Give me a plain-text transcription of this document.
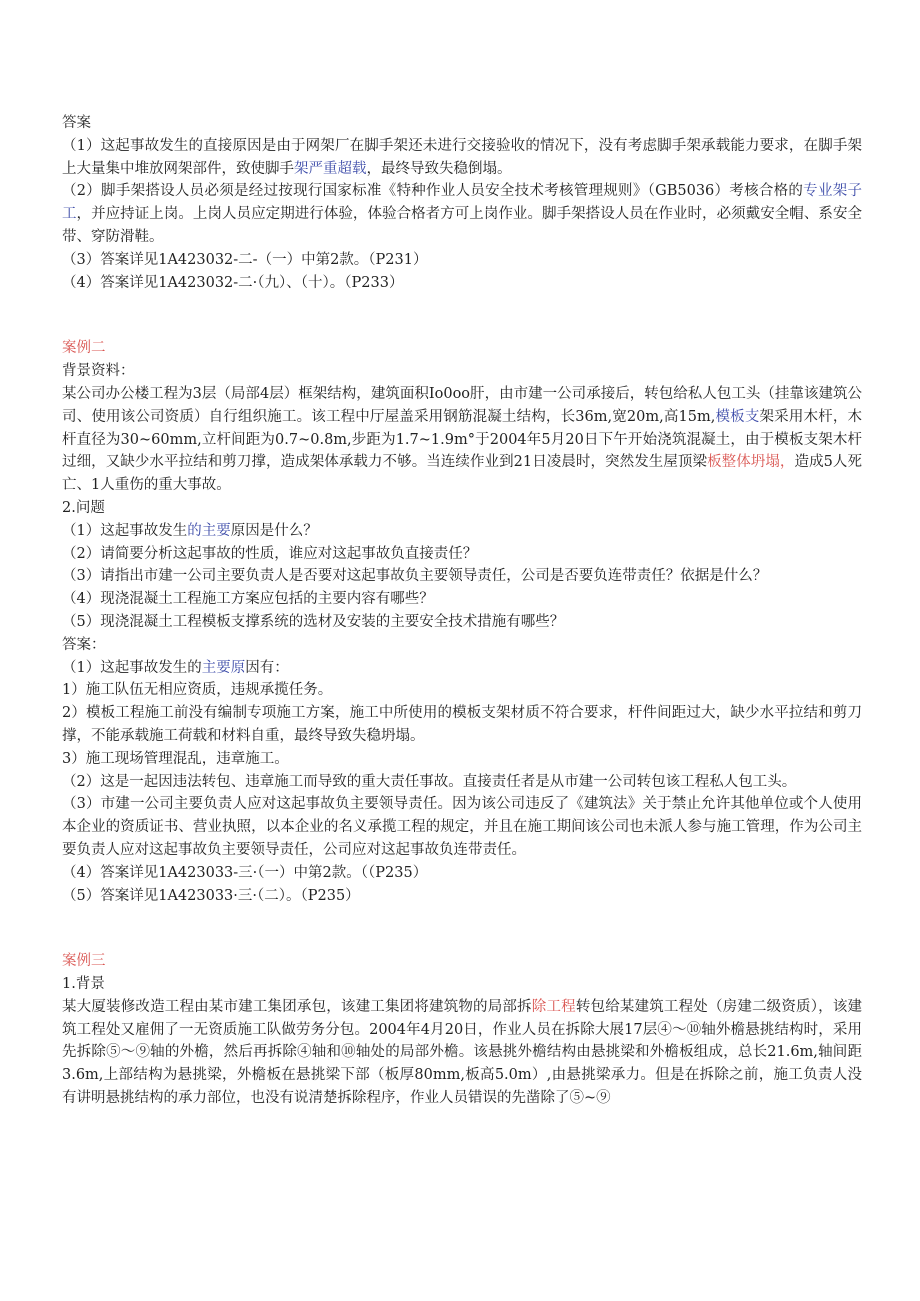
答案

（1）这起事故发生的直接原因是由于网架厂在脚手架还未进行交接验收的情况下，没有考虑脚手架承载能力要求，在脚手架上大量集中堆放网架部件，致使脚手架严重超载，最终导致失稳倒塌。

（2）脚手架搭设人员必须是经过按现行国家标准《特种作业人员安全技术考核管理规则》（GB5036）考核合格的专业架子工，并应持证上岗。上岗人员应定期进行体验，体验合格者方可上岗作业。脚手架搭设人员在作业时，必须戴安全帽、系安全带、穿防滑鞋。

（3）答案详见1A423032-二-（一）中第2款。（P231）

（4）答案详见1A423032-二·（九）、（十）。（P233）

案例二

背景资料：

某公司办公楼工程为3层（局部4层）框架结构，建筑面积Io0oo肝，由市建一公司承接后，转包给私人包工头（挂靠该建筑公司、使用该公司资质）自行组织施工。该工程中厅屋盖采用钢筋混凝土结构，长36m,宽20m,高15m,模板支架采用木杆，木杆直径为30~60mm,立杆间距为0.7~0.8m,步距为1.7~1.9m°于2004年5月20日下午开始浇筑混凝土，由于模板支架木杆过细，又缺少水平拉结和剪刀撑，造成架体承载力不够。当连续作业到21日凌晨时，突然发生屋顶梁板整体坍塌，造成5人死亡、1人重伤的重大事故。

2.问题

（1）这起事故发生的主要原因是什么？

（2）请简要分析这起事故的性质，谁应对这起事故负直接责任？

（3）请指出市建一公司主要负责人是否要对这起事故负主要领导责任，公司是否要负连带责任？依据是什么？

（4）现浇混凝土工程施工方案应包括的主要内容有哪些？

（5）现浇混凝土工程模板支撑系统的选材及安装的主要安全技术措施有哪些？

答案：

（1）这起事故发生的主要原因有：

1）施工队伍无相应资质，违规承揽任务。

2）模板工程施工前没有编制专项施工方案，施工中所使用的模板支架材质不符合要求，杆件间距过大，缺少水平拉结和剪刀撑，不能承载施工荷载和材料自重，最终导致失稳坍塌。

3）施工现场管理混乱，违章施工。

（2）这是一起因违法转包、违章施工而导致的重大责任事故。直接责任者是从市建一公司转包该工程私人包工头。

（3）市建一公司主要负责人应对这起事故负主要领导责任。因为该公司违反了《建筑法》关于禁止允许其他单位或个人使用本企业的资质证书、营业执照，以本企业的名义承揽工程的规定，并且在施工期间该公司也未派人参与施工管理，作为公司主要负责人应对这起事故负主要领导责任，公司应对这起事故负连带责任。

（4）答案详见1A423033-三·（一）中第2款。（（P235）

（5）答案详见1A423033·三·（二）。（P235）

案例三

1.背景

某大厦装修改造工程由某市建工集团承包，该建工集团将建筑物的局部拆除工程转包给某建筑工程处（房建二级资质），该建筑工程处又雇佣了一无资质施工队做劳务分包。2004年4月20日，作业人员在拆除大展17层④～⑩轴外檐悬挑结构时，采用先拆除⑤～⑨轴的外檐，然后再拆除④轴和⑩轴处的局部外檐。该悬挑外檐结构由悬挑梁和外檐板组成，总长21.6m,轴间距3.6m,上部结构为悬挑梁，外檐板在悬挑梁下部（板厚80mm,板高5.0m）,由悬挑梁承力。但是在拆除之前，施工负责人没有讲明悬挑结构的承力部位，也没有说清楚拆除程序，作业人员错误的先凿除了⑤~⑨
